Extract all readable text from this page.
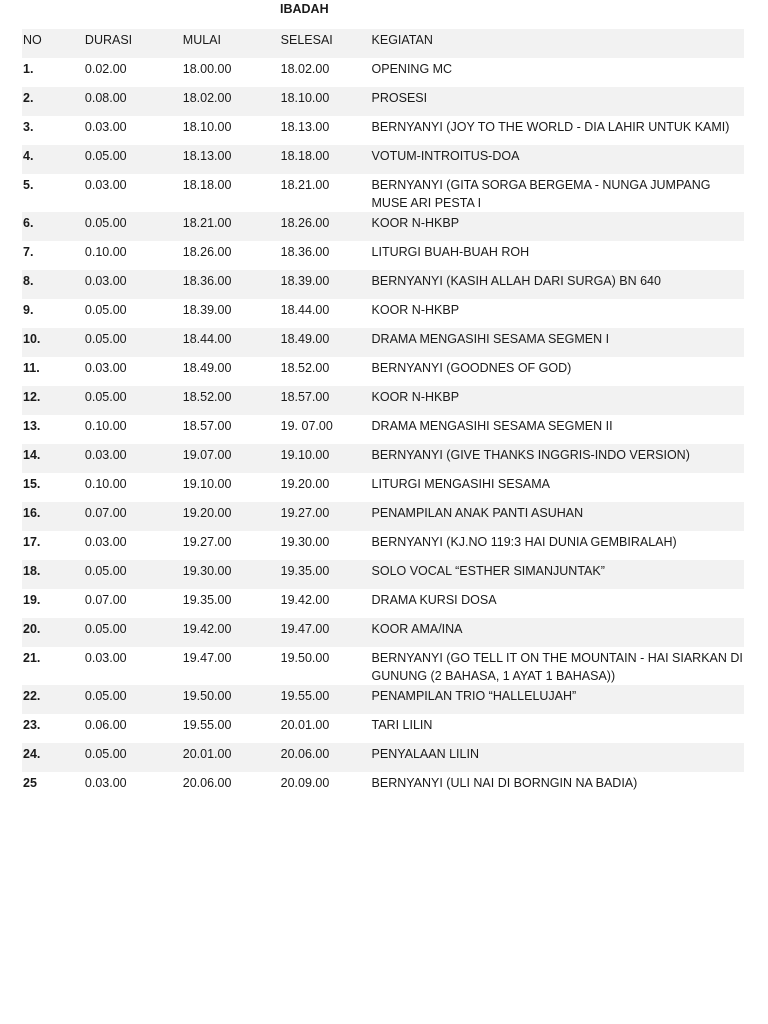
IBADAH
NO	DURASI	MULAI	SELESAI	KEGIATAN
1.	0.02.00	18.00.00	18.02.00	OPENING MC
2.	0.08.00	18.02.00	18.10.00	PROSESI
3.	0.03.00	18.10.00	18.13.00	BERNYANYI (JOY TO THE WORLD - DIA LAHIR UNTUK KAMI)
4.	0.05.00	18.13.00	18.18.00	VOTUM-INTROITUS-DOA
5.	0.03.00	18.18.00	18.21.00	BERNYANYI (GITA SORGA BERGEMA - NUNGA JUMPANG MUSE ARI PESTA I
6.	0.05.00	18.21.00	18.26.00	KOOR N-HKBP
7.	0.10.00	18.26.00	18.36.00	LITURGI BUAH-BUAH ROH
8.	0.03.00	18.36.00	18.39.00	BERNYANYI (KASIH ALLAH DARI SURGA) BN 640
9.	0.05.00	18.39.00	18.44.00	KOOR N-HKBP
10.	0.05.00	18.44.00	18.49.00	DRAMA MENGASIHI SESAMA SEGMEN I
11.	0.03.00	18.49.00	18.52.00	BERNYANYI (GOODNES OF GOD)
12.	0.05.00	18.52.00	18.57.00	KOOR N-HKBP
13.	0.10.00	18.57.00	19. 07.00	DRAMA MENGASIHI SESAMA SEGMEN II
14.	0.03.00	19.07.00	19.10.00	BERNYANYI (GIVE THANKS INGGRIS-INDO VERSION)
15.	0.10.00	19.10.00	19.20.00	LITURGI MENGASIHI SESAMA
16.	0.07.00	19.20.00	19.27.00	PENAMPILAN ANAK PANTI ASUHAN
17.	0.03.00	19.27.00	19.30.00	BERNYANYI (KJ.NO 119:3 HAI DUNIA GEMBIRALAH)
18.	0.05.00	19.30.00	19.35.00	SOLO VOCAL “ESTHER SIMANJUNTAK”
19.	0.07.00	19.35.00	19.42.00	DRAMA KURSI DOSA
20.	0.05.00	19.42.00	19.47.00	KOOR AMA/INA
21.	0.03.00	19.47.00	19.50.00	BERNYANYI (GO TELL IT ON THE MOUNTAIN - HAI SIARKAN DI GUNUNG (2 BAHASA, 1 AYAT 1 BAHASA))
22.	0.05.00	19.50.00	19.55.00	PENAMPILAN TRIO “HALLELUJAH”
23.	0.06.00	19.55.00	20.01.00	TARI LILIN
24.	0.05.00	20.01.00	20.06.00	PENYALAAN LILIN
25	0.03.00	20.06.00	20.09.00	BERNYANYI (ULI NAI DI BORNGIN NA BADIA)
